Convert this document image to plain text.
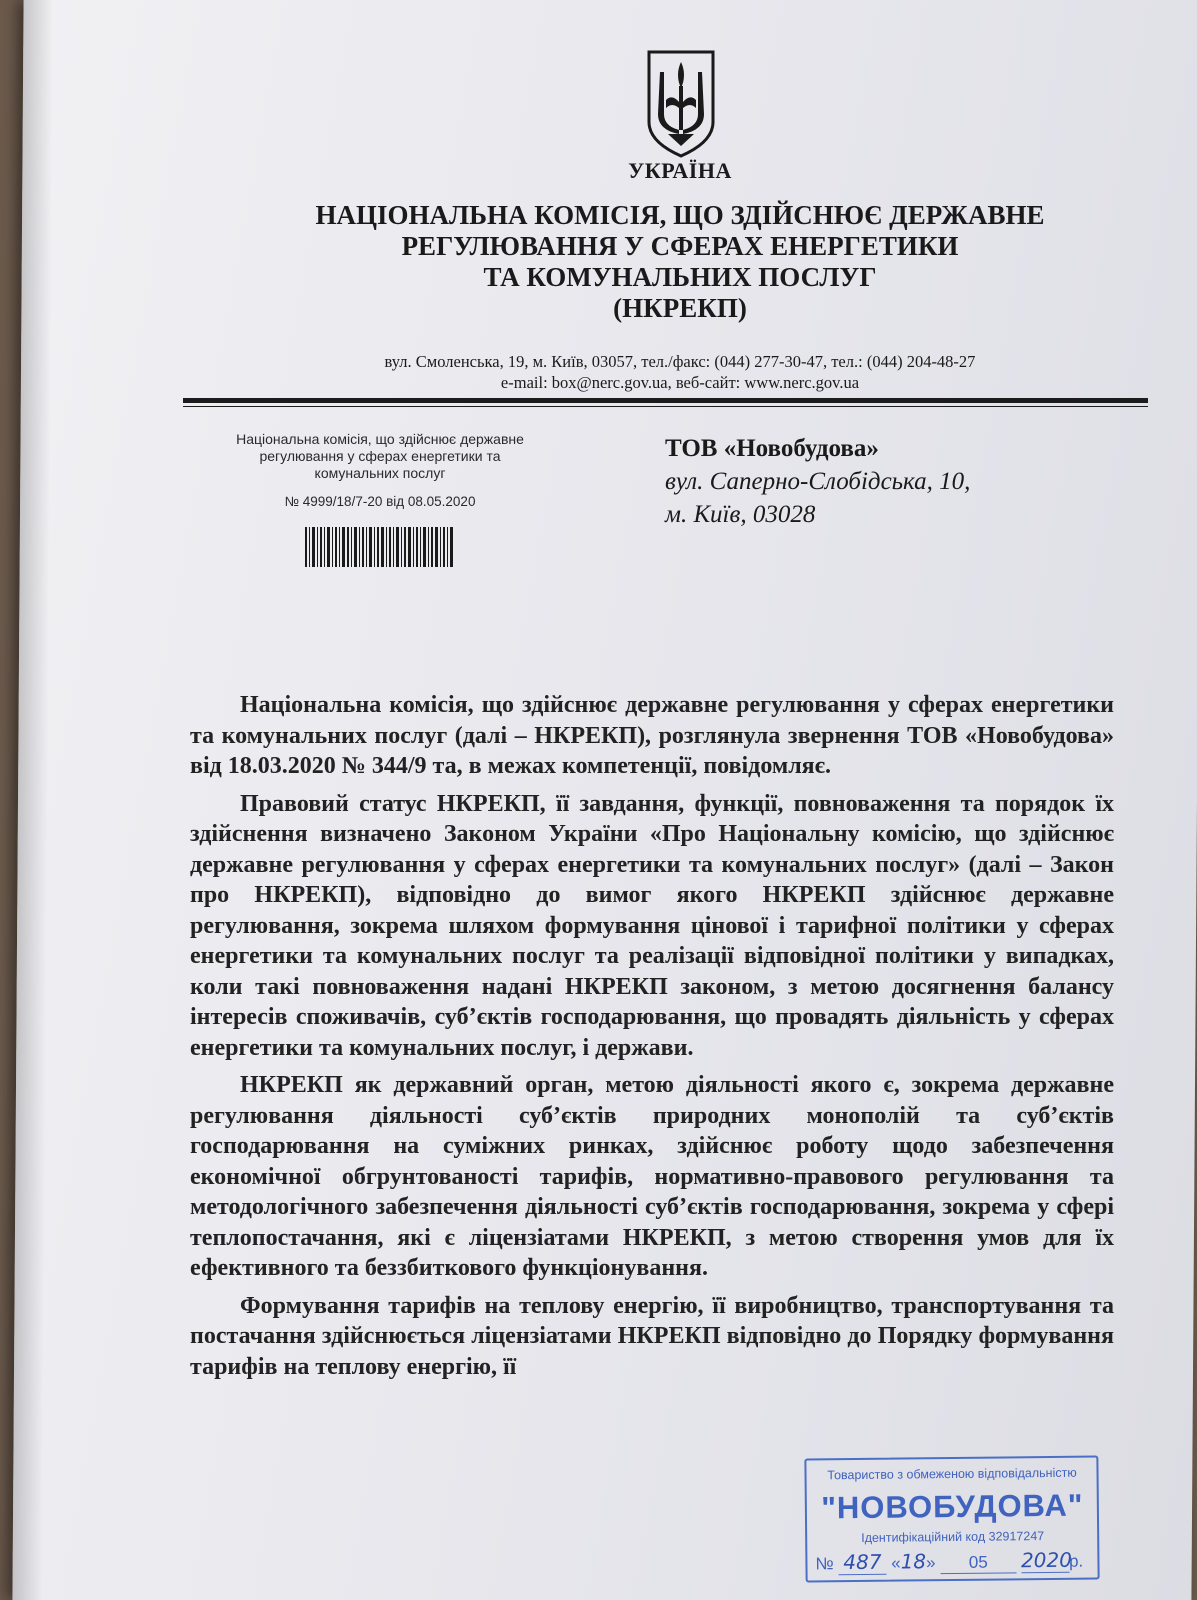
УКРАЇНА
НАЦІОНАЛЬНА КОМІСІЯ, ЩО ЗДІЙСНЮЄ ДЕРЖАВНЕ
РЕГУЛЮВАННЯ У СФЕРАХ ЕНЕРГЕТИКИ
ТА КОМУНАЛЬНИХ ПОСЛУГ
(НКРЕКП)
вул. Смоленська, 19, м. Київ, 03057, тел./факс: (044) 277-30-47, тел.: (044) 204-48-27
e-mail: box@nerc.gov.ua, веб-сайт: www.nerc.gov.ua
Національна комісія, що здійснює державне
регулювання у сферах енергетики та
комунальних послуг
№ 4999/18/7-20 від 08.05.2020
ТОВ «Новобудова»
вул. Саперно-Слобідська, 10,
м. Київ, 03028

Національна комісія, що здійснює державне регулювання у сферах енергетики та комунальних послуг (далі – НКРЕКП), розглянула звернення ТОВ «Новобудова» від 18.03.2020 № 344/9 та, в межах компетенції, повідомляє.

Правовий статус НКРЕКП, її завдання, функції, повноваження та порядок їх здійснення визначено Законом України «Про Національну комісію, що здійснює державне регулювання у сферах енергетики та комунальних послуг» (далі – Закон про НКРЕКП), відповідно до вимог якого НКРЕКП здійснює державне регулювання, зокрема шляхом формування цінової і тарифної політики у сферах енергетики та комунальних послуг та реалізації відповідної політики у випадках, коли такі повноваження надані НКРЕКП законом, з метою досягнення балансу інтересів споживачів, суб’єктів господарювання, що провадять діяльність у сферах енергетики та комунальних послуг, і держави.

НКРЕКП як державний орган, метою діяльності якого є, зокрема державне регулювання діяльності суб’єктів природних монополій та суб’єктів господарювання на суміжних ринках, здійснює роботу щодо забезпечення економічної обгрунтованості тарифів, нормативно-правового регулювання та методологічного забезпечення діяльності суб’єктів господарювання, зокрема у сфері теплопостачання, які є ліцензіатами НКРЕКП, з метою створення умов для їх ефективного та беззбиткового функціонування.

Формування тарифів на теплову енергію, її виробництво, транспортування та постачання здійснюється ліцензіатами НКРЕКП відповідно до Порядку формування тарифів на теплову енергію, її

Товариство з обмеженою відповідальністю
"НОВОБУДОВА"
Ідентифікаційний код 32917247
№ 487 «18» 05 2020р.
